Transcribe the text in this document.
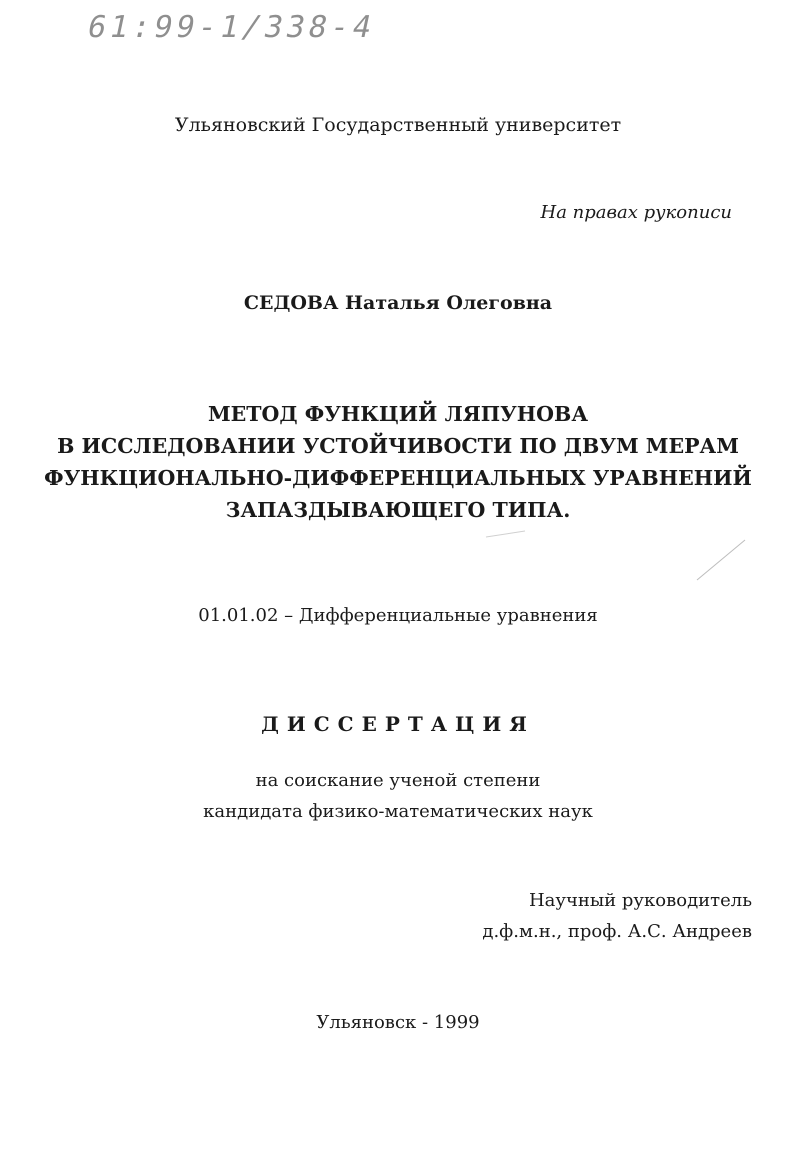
61:99-1/338-4
Ульяновский Государственный университет
На правах рукописи
СЕДОВА Наталья Олеговна
МЕТОД ФУНКЦИЙ ЛЯПУНОВА
В ИССЛЕДОВАНИИ УСТОЙЧИВОСТИ ПО ДВУМ МЕРАМ
ФУНКЦИОНАЛЬНО-ДИФФЕРЕНЦИАЛЬНЫХ УРАВНЕНИЙ
ЗАПАЗДЫВАЮЩЕГО ТИПА.
01.01.02 – Дифференциальные уравнения
ДИССЕРТАЦИЯ
на соискание ученой степени
кандидата физико-математических наук
Научный руководитель
д.ф.м.н., проф. А.С. Андреев
Ульяновск - 1999
